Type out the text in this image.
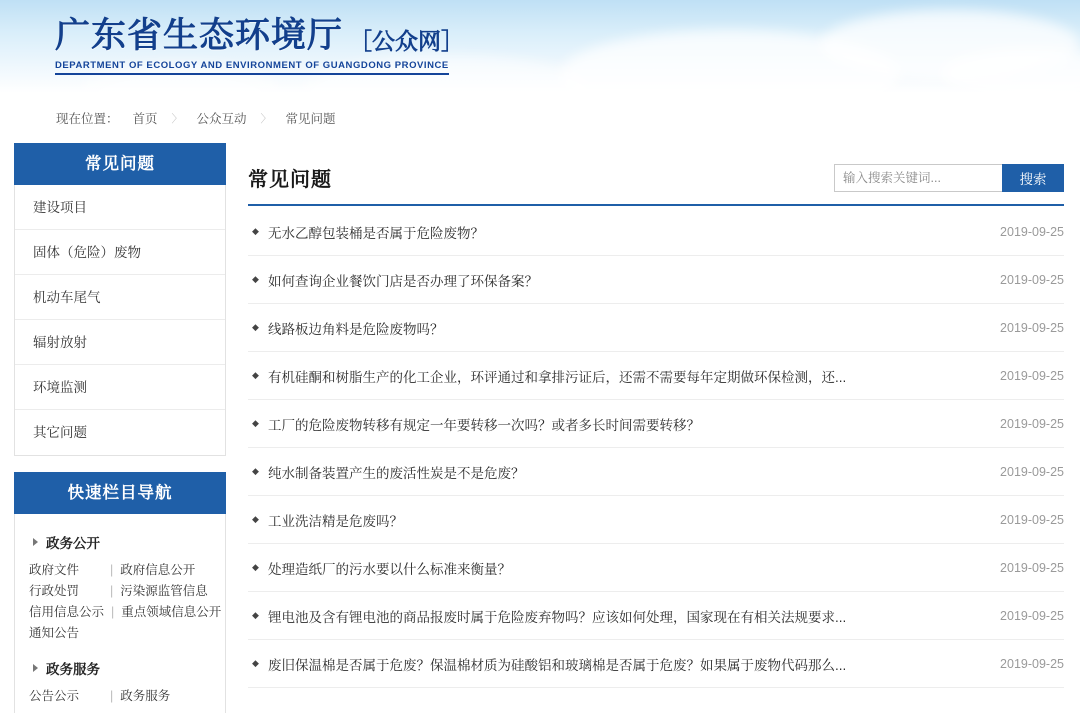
广东省生态环境厅 ［公众网］
DEPARTMENT OF ECOLOGY AND ENVIRONMENT OF GUANGDONG PROVINCE
现在位置： 首页 〉 公众互动 〉 常见问题
常见问题
建设项目
固体（危险）废物
机动车尾气
辐射放射
环境监测
其它问题
快速栏目导航
政务公开
政府文件	| 政府信息公开
行政处罚	| 污染源监管信息
信用信息公示 | 重点领域信息公开
通知公告
政务服务
公告公示	| 政务服务
常见问题
输入搜索关键词...	搜索
◆ 无水乙醇包装桶是否属于危险废物？	2019-09-25
◆ 如何查询企业餐饮门店是否办理了环保备案？	2019-09-25
◆ 线路板边角料是危险废物吗？	2019-09-25
◆ 有机硅酮和树脂生产的化工企业，环评通过和拿排污证后，还需不需要每年定期做环保检测，还...	2019-09-25
◆ 工厂的危险废物转移有规定一年要转移一次吗？或者多长时间需要转移？	2019-09-25
◆ 纯水制备装置产生的废活性炭是不是危废？	2019-09-25
◆ 工业洗洁精是危废吗？	2019-09-25
◆ 处理造纸厂的污水要以什么标准来衡量？	2019-09-25
◆ 锂电池及含有锂电池的商品报废时属于危险废弃物吗？应该如何处理，国家现在有相关法规要求...	2019-09-25
◆ 废旧保温棉是否属于危废？保温棉材质为硅酸铝和玻璃棉是否属于危废？如果属于废物代码那么...	2019-09-25
